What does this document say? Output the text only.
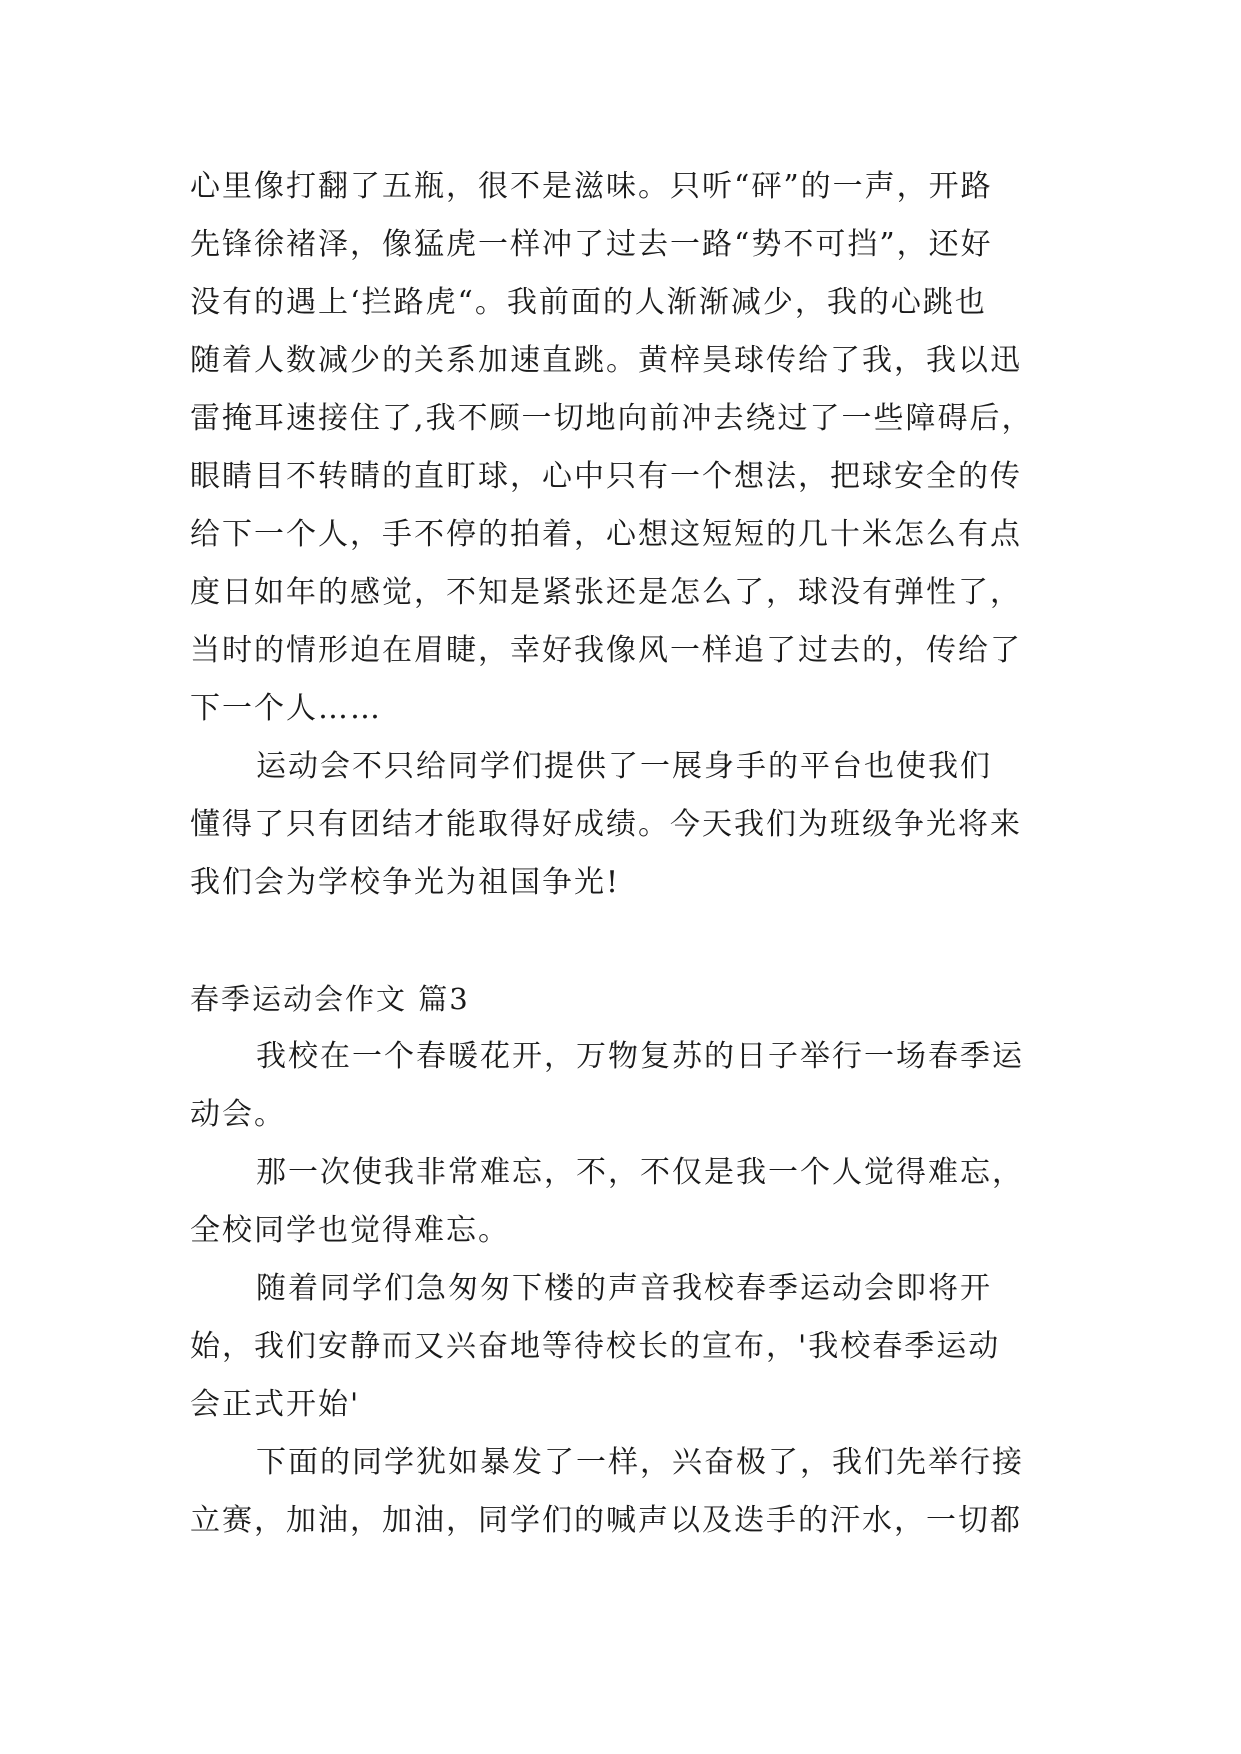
心里像打翻了五瓶，很不是滋味。只听“砰”的一声，开路
先锋徐褚泽，像猛虎一样冲了过去一路“势不可挡”，还好
没有的遇上‘拦路虎“。我前面的人渐渐减少，我的心跳也
随着人数减少的关系加速直跳。黄梓昊球传给了我，我以迅
雷掩耳速接住了,我不顾一切地向前冲去绕过了一些障碍后，
眼睛目不转睛的直盯球，心中只有一个想法，把球安全的传
给下一个人，手不停的拍着，心想这短短的几十米怎么有点
度日如年的感觉，不知是紧张还是怎么了，球没有弹性了，
当时的情形迫在眉睫，幸好我像风一样追了过去的，传给了
下一个人……
运动会不只给同学们提供了一展身手的平台也使我们
懂得了只有团结才能取得好成绩。今天我们为班级争光将来
我们会为学校争光为祖国争光!
春季运动会作文 篇3
我校在一个春暖花开，万物复苏的日子举行一场春季运
动会。
那一次使我非常难忘，不，不仅是我一个人觉得难忘，
全校同学也觉得难忘。
随着同学们急匆匆下楼的声音我校春季运动会即将开
始，我们安静而又兴奋地等待校长的宣布，'我校春季运动
会正式开始'
下面的同学犹如暴发了一样，兴奋极了，我们先举行接
立赛，加油，加油，同学们的喊声以及迭手的汗水，一切都
